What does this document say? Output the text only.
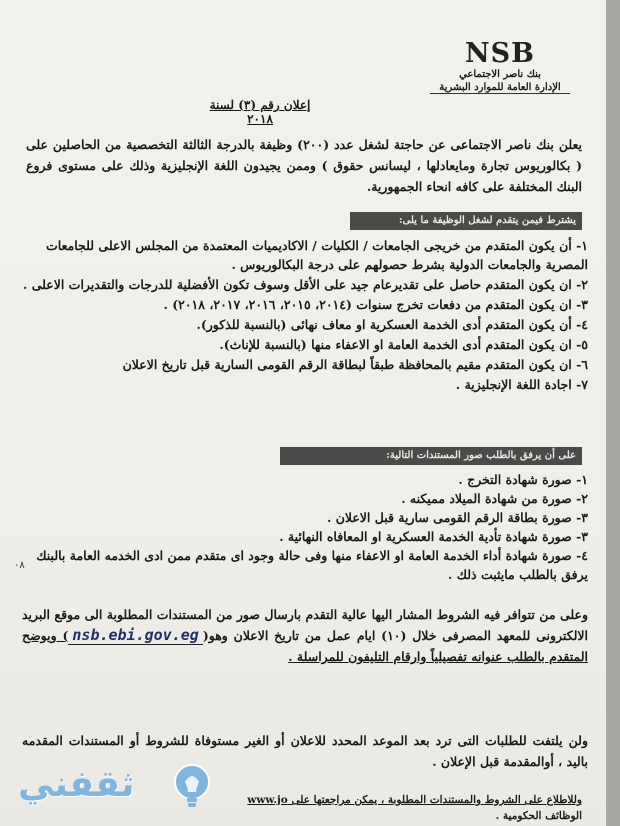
NSB
بنك ناصر الاجتماعي
الإدارة العامة للموارد البشرية
إعلان رقم (٣) لسنة ٢٠١٨
يعلن بنك ناصر الاجتماعى عن حاجتة لشغل عدد (٢٠٠) وظيفة بالدرجة الثالثة التخصصية من الحاصلين على ( بكالوريوس تجارة ومايعادلها ، ليسانس حقوق ) وممن يجيدون اللغة الإنجليزية وذلك على مستوى فروع البنك المختلفة على كافه انحاء الجمهورية.
يشترط فيمن يتقدم لشغل الوظيفة ما يلى:
١- أن يكون المتقدم من خريجى الجامعات / الكليات / الاكاديميات المعتمدة من المجلس الاعلى للجامعات المصرية والجامعات الدولية بشرط حصولهم على درجة البكالوريوس .
٢- ان يكون المتقدم حاصل على تقديرعام جيد على الأقل وسوف تكون الأفضلية للدرجات والتقديرات الاعلى .
٣- ان يكون المتقدم من دفعات تخرج سنوات (٢٠١٤، ٢٠١٥، ٢٠١٦، ٢٠١٧، ٢٠١٨) .
٤- أن يكون المتقدم أدى الخدمة العسكرية او معاف نهائى (بالنسبة للذكور).
٥- ان يكون المتقدم أدى الخدمة العامة او الاعفاء منها (بالنسبة للإناث).
٦- ان يكون المتقدم مقيم بالمحافظة طبقاً لبطاقة الرقم القومى السارية قبل تاريخ الاعلان
٧- اجادة اللغة الإنجليزية .
على أن يرفق بالطلب صور المستندات التالية:
١- صورة شهادة التخرج .
٢- صورة من شهادة الميلاد مميكنه .
٣- صورة بطاقة الرقم القومى سارية قبل الاعلان .
٣- صورة شهادة تأدية الخدمة العسكرية او المعافاه النهائية .
٤- صورة شهادة أداء الخدمة العامة او الاعفاء منها وفى حالة وجود اى متقدم ممن ادى الخدمه العامة بالبنك يرفق بالطلب مايثبت ذلك .
٠٨
وعلى من تتوافر فيه الشروط المشار اليها عالية التقدم بارسال صور من المستندات المطلوبة الى موقع البريد الالكترونى للمعهد المصرفى خلال (١٠) ايام عمل من تاريخ الاعلان وهو(nsb.ebi.gov.eg) ويوضح المتقدم بالطلب عنوانه تفصيلياً وارقام التليفون للمراسلة .
ولن يلتفت للطلبات التى ترد بعد الموعد المحدد للاعلان أو الغير مستوفاة للشروط أو المستندات المقدمه باليد ، أوالمقدمة قبل الإعلان .
وللاطلاع على الشروط والمستندات المطلوبة ، يمكن مراجعتها على www.jo
الوظائف الحكومية .
ثقفني
